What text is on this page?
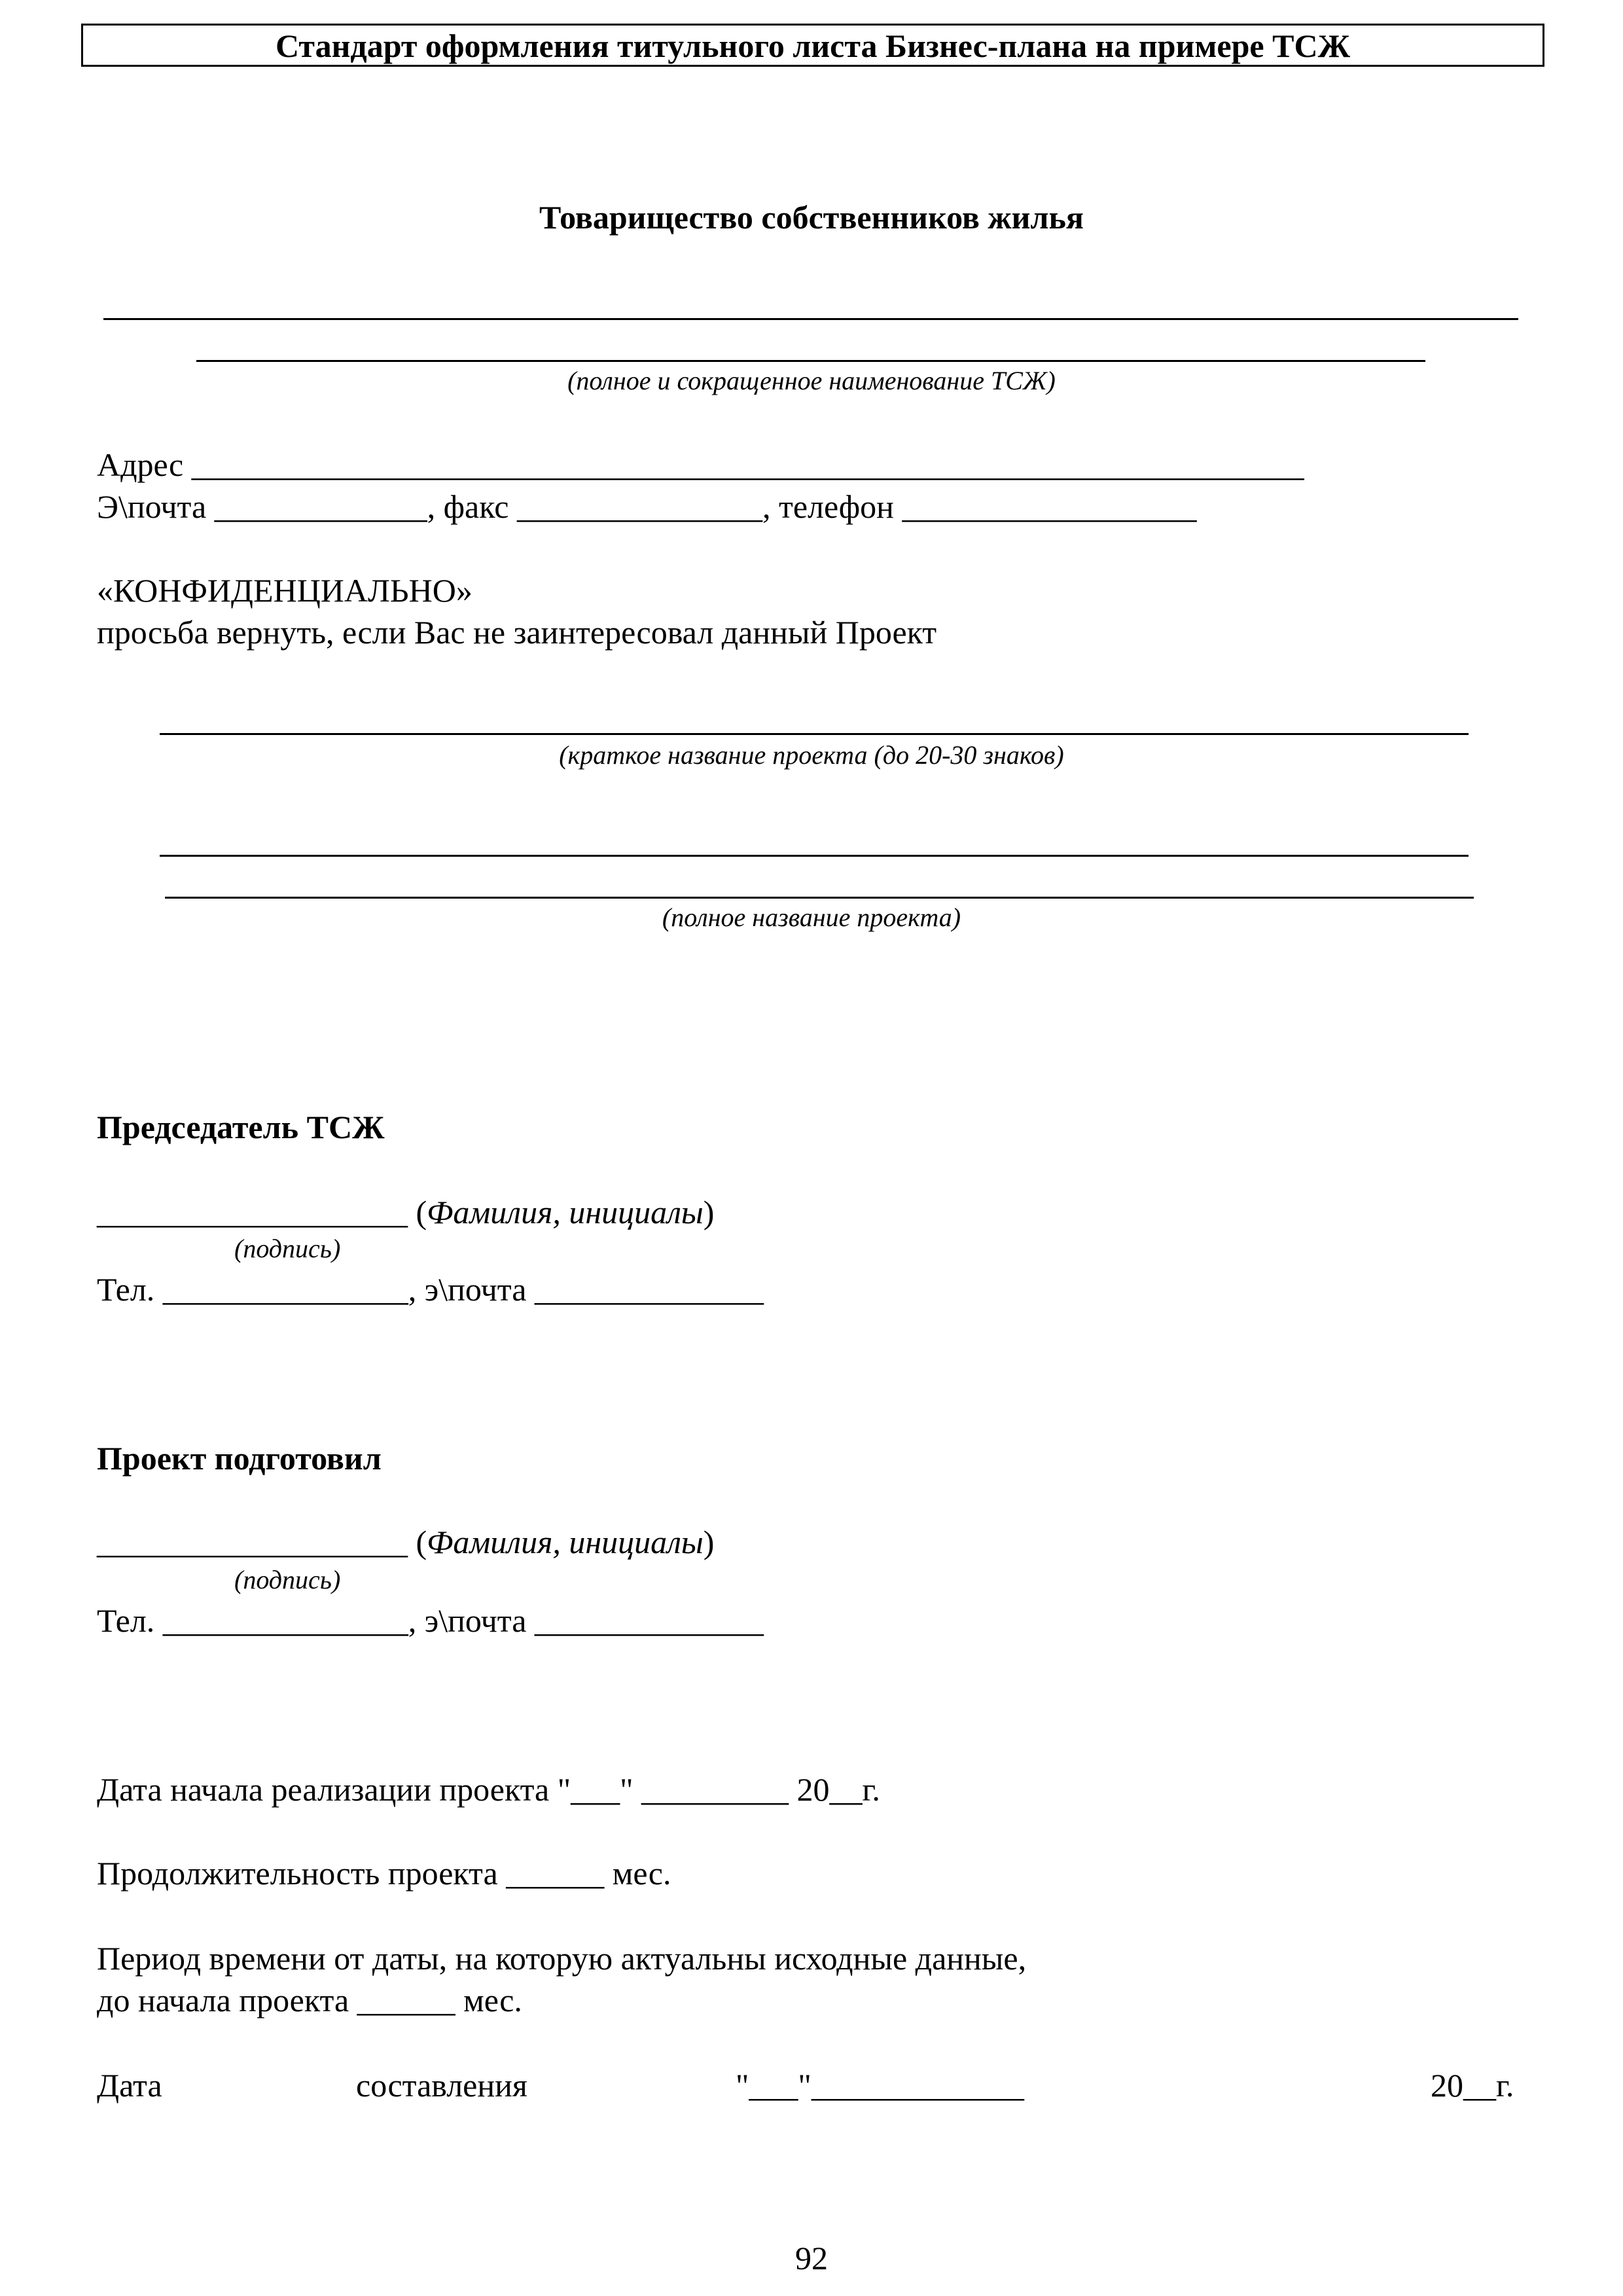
Стандарт оформления титульного листа Бизнес-плана на примере ТСЖ
Товарищество собственников жилья
(полное и сокращенное наименование ТСЖ)
Адрес ____________________________________________________________________
Э\почта _____________, факс _______________, телефон __________________
«КОНФИДЕНЦИАЛЬНО»
просьба вернуть, если Вас не заинтересовал данный Проект
(краткое название проекта (до 20-30 знаков)
(полное название проекта)
Председатель ТСЖ
___________________ (Фамилия, инициалы)
(подпись)
Тел. _______________, э\почта ______________
Проект подготовил
___________________ (Фамилия, инициалы)
(подпись)
Тел. _______________, э\почта ______________
Дата начала реализации проекта "___" _________ 20__г.
Продолжительность проекта ______ мес.
Период времени от даты, на которую актуальны исходные данные,
до начала проекта ______ мес.
Дата	составления	"___"_____________	20__г.
92
